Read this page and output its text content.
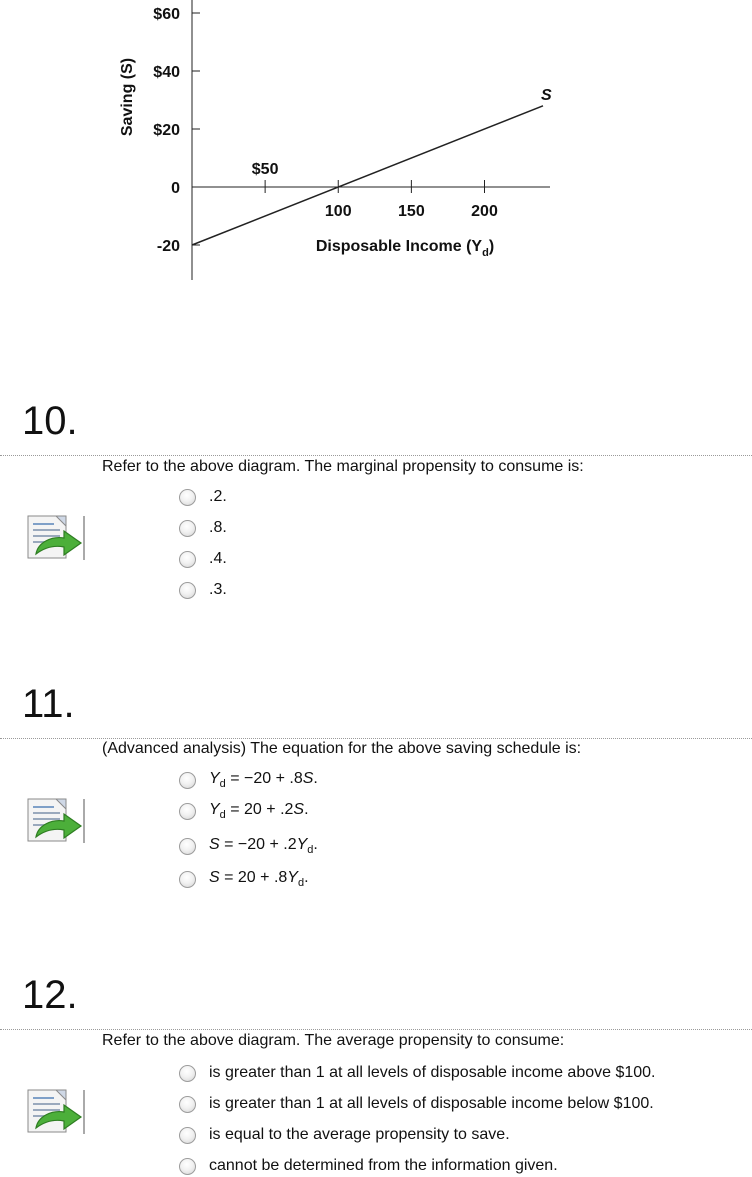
$60
$40
$20
0
-20
$50
100	150	200
S
Saving (S)
Disposable Income $(Y_d)$
10.
Refer to the above diagram. The marginal propensity to consume is:
.2.
.8.
.4.
.3.
11.
(Advanced analysis) The equation for the above saving schedule is:
$Y_d = -20 + .8S$.
$Y_d = 20 + .2S$.
$S = -20 + .2Y_d$.
$S = 20 + .8Y_d$.
12.
Refer to the above diagram. The average propensity to consume:
is greater than 1 at all levels of disposable income above $100.
is greater than 1 at all levels of disposable income below $100.
is equal to the average propensity to save.
cannot be determined from the information given.
